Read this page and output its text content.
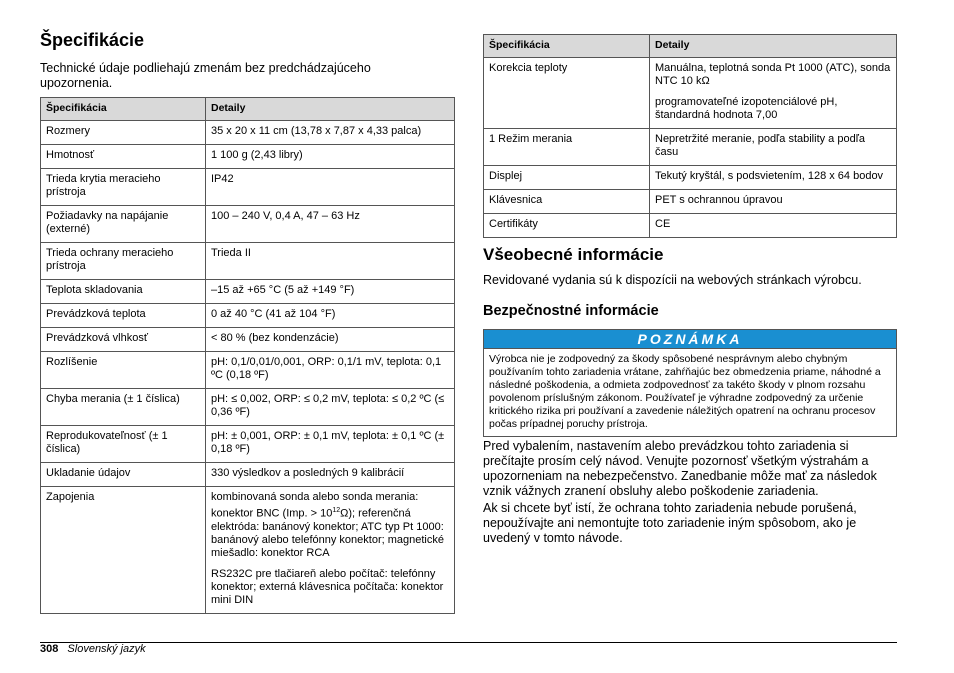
Špecifikácie

Technické údaje podliehajú zmenám bez predchádzajúceho upozornenia.

Špecifikácia	Detaily
Rozmery	35 x 20 x 11 cm (13,78 x 7,87 x 4,33 palca)

Hmotnosť	1 100 g (2,43 libry)

Trieda krytia meracieho prístroja	IP42

Požiadavky na napájanie (externé)	100 – 240 V, 0,4 A, 47 – 63 Hz

Trieda ochrany meracieho prístroja	Trieda II

Teplota skladovania	–15 až +65 °C (5 až +149 °F)

Prevádzková teplota	0 až 40 °C (41 až 104 °F)

Prevádzková vlhkosť	< 80 % (bez kondenzácie)

Rozlíšenie	pH: 0,1/0,01/0,001, ORP: 0,1/1 mV, teplota: 0,1 ºC (0,18 ºF)

Chyba merania (± 1 číslica)	pH: ≤ 0,002, ORP: ≤ 0,2 mV, teplota: ≤ 0,2 ºC (≤ 0,36 ºF)

Reprodukovateľnosť (± 1 číslica)	pH: ± 0,001, ORP: ± 0,1 mV, teplota: ± 0,1 ºC (± 0,18 ºF)

Ukladanie údajov	330 výsledkov a posledných 9 kalibrácií

Zapojenia	kombinovaná sonda alebo sonda merania: konektor BNC (Imp. > $10^{12}\Omega$); referenčná elektróda: banánový konektor; ATC typ Pt 1000: banánový alebo telefónny konektor; magnetické miešadlo: konektor RCA

RS232C pre tlačiareň alebo počítač: telefónny konektor; externá klávesnica počítača: konektor mini DIN

Špecifikácia	Detaily
Korekcia teploty	Manuálna, teplotná sonda Pt 1000 (ATC), sonda NTC 10 kΩ

programovateľné izopotenciálové pH, štandardná hodnota 7,00

1 Režim merania	Nepretržité meranie, podľa stability a podľa času

Displej	Tekutý kryštál, s podsvietením, 128 x 64 bodov

Klávesnica	PET s ochrannou úpravou

Certifikáty	CE

Všeobecné informácie

Revidované vydania sú k dispozícii na webových stránkach výrobcu.

Bezpečnostné informácie
POZNÁMKA
Výrobca nie je zodpovedný za škody spôsobené nesprávnym alebo chybným používaním tohto zariadenia vrátane, zahŕňajúc bez obmedzenia priame, náhodné a následné poškodenia, a odmieta zodpovednosť za takéto škody v plnom rozsahu povolenom príslušným zákonom. Používateľ je výhradne zodpovedný za určenie kritického rizika pri používaní a zavedenie náležitých opatrení na ochranu procesov počas prípadnej poruchy prístroja.

Pred vybalením, nastavením alebo prevádzkou tohto zariadenia si prečítajte prosím celý návod. Venujte pozornosť všetkým výstrahám a upozorneniam na nebezpečenstvo. Zanedbanie môže mať za následok vznik vážnych zranení obsluhy alebo poškodenie zariadenia.

Ak si chcete byť istí, že ochrana tohto zariadenia nebude porušená, nepoužívajte ani nemontujte toto zariadenie iným spôsobom, ako je uvedený v tomto návode.

308 Slovenský jazyk
